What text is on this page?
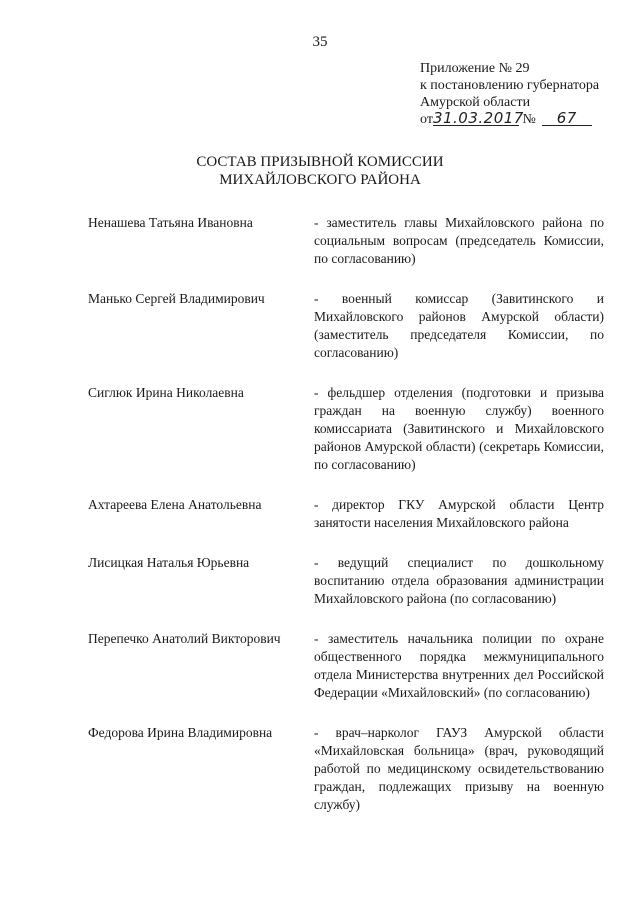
35
Приложение № 29
к постановлению губернатора
Амурской области
от31.03.2017 № 67
СОСТАВ ПРИЗЫВНОЙ КОМИССИИ
МИХАЙЛОВСКОГО РАЙОНА
Ненашева Татьяна Ивановна	- заместитель главы Михайловского района по социальным вопросам (председатель Комиссии, по согласованию)
Манько Сергей Владимирович	- военный комиссар (Завитинского и Михайловского районов Амурской области) (заместитель председателя Комиссии, по согласованию)
Сиглюк Ирина Николаевна	- фельдшер отделения (подготовки и призыва граждан на военную службу) военного комиссариата (Завитинского и Михайловского районов Амурской области) (секретарь Комиссии, по согласованию)
Ахтареева Елена Анатольевна	- директор ГКУ Амурской области Центр занятости населения Михайловского района
Лисицкая Наталья Юрьевна	- ведущий специалист по дошкольному воспитанию отдела образования администрации Михайловского района (по согласованию)
Перепечко Анатолий Викторович	- заместитель начальника полиции по охране общественного порядка межмуниципального отдела Министерства внутренних дел Российской Федерации «Михайловский» (по согласованию)
Федорова Ирина Владимировна	- врач–нарколог ГАУЗ Амурской области «Михайловская больница» (врач, руководящий работой по медицинскому освидетельствованию граждан, подлежащих призыву на военную службу)
